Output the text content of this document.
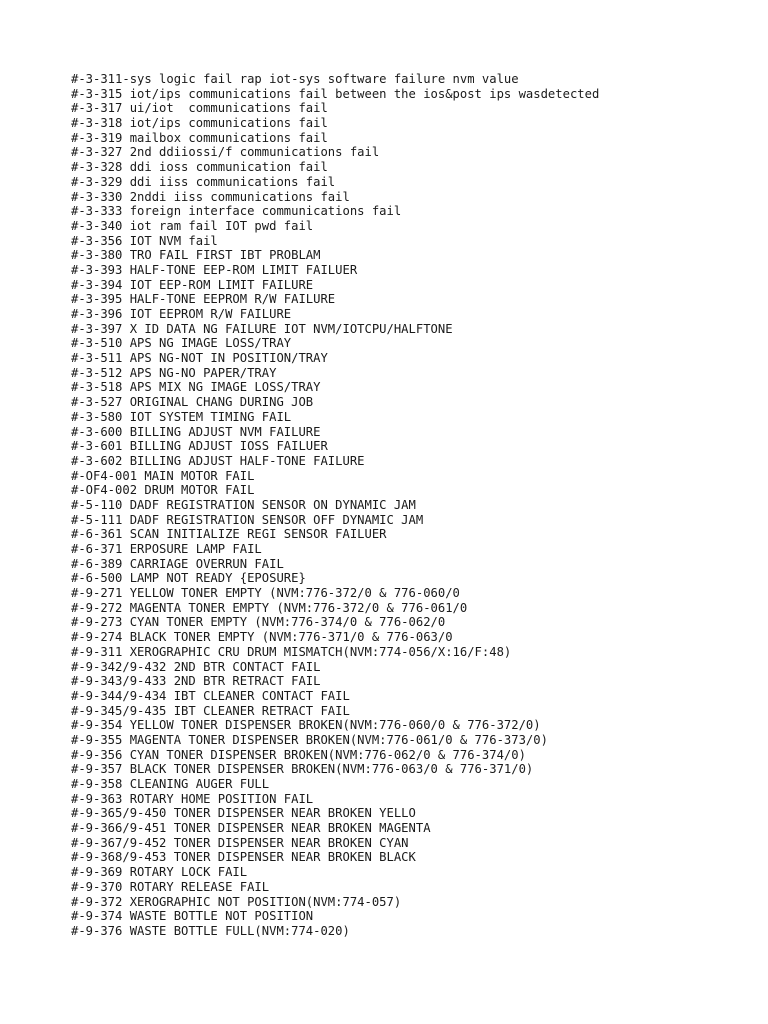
#-3-311-sys logic fail rap iot-sys software failure nvm value
#-3-315 iot/ips communications fail between the ios&post ips wasdetected
#-3-317 ui/iot  communications fail
#-3-318 iot/ips communications fail
#-3-319 mailbox communications fail
#-3-327 2nd ddiiossi/f communications fail
#-3-328 ddi ioss communication fail
#-3-329 ddi iiss communications fail
#-3-330 2nddi iiss communications fail
#-3-333 foreign interface communications fail
#-3-340 iot ram fail IOT pwd fail
#-3-356 IOT NVM fail
#-3-380 TRO FAIL FIRST IBT PROBLAM
#-3-393 HALF-TONE EEP-ROM LIMIT FAILUER
#-3-394 IOT EEP-ROM LIMIT FAILURE
#-3-395 HALF-TONE EEPROM R/W FAILURE
#-3-396 IOT EEPROM R/W FAILURE
#-3-397 X ID DATA NG FAILURE IOT NVM/IOTCPU/HALFTONE
#-3-510 APS NG IMAGE LOSS/TRAY
#-3-511 APS NG-NOT IN POSITION/TRAY
#-3-512 APS NG-NO PAPER/TRAY
#-3-518 APS MIX NG IMAGE LOSS/TRAY
#-3-527 ORIGINAL CHANG DURING JOB
#-3-580 IOT SYSTEM TIMING FAIL
#-3-600 BILLING ADJUST NVM FAILURE
#-3-601 BILLING ADJUST IOSS FAILUER
#-3-602 BILLING ADJUST HALF-TONE FAILURE
#-OF4-001 MAIN MOTOR FAIL
#-OF4-002 DRUM MOTOR FAIL
#-5-110 DADF REGISTRATION SENSOR ON DYNAMIC JAM
#-5-111 DADF REGISTRATION SENSOR OFF DYNAMIC JAM
#-6-361 SCAN INITIALIZE REGI SENSOR FAILUER
#-6-371 ERPOSURE LAMP FAIL
#-6-389 CARRIAGE OVERRUN FAIL
#-6-500 LAMP NOT READY {EPOSURE}
#-9-271 YELLOW TONER EMPTY (NVM:776-372/0 & 776-060/0
#-9-272 MAGENTA TONER EMPTY (NVM:776-372/0 & 776-061/0
#-9-273 CYAN TONER EMPTY (NVM:776-374/0 & 776-062/0
#-9-274 BLACK TONER EMPTY (NVM:776-371/0 & 776-063/0
#-9-311 XEROGRAPHIC CRU DRUM MISMATCH(NVM:774-056/X:16/F:48)
#-9-342/9-432 2ND BTR CONTACT FAIL
#-9-343/9-433 2ND BTR RETRACT FAIL
#-9-344/9-434 IBT CLEANER CONTACT FAIL
#-9-345/9-435 IBT CLEANER RETRACT FAIL
#-9-354 YELLOW TONER DISPENSER BROKEN(NVM:776-060/0 & 776-372/0)
#-9-355 MAGENTA TONER DISPENSER BROKEN(NVM:776-061/0 & 776-373/0)
#-9-356 CYAN TONER DISPENSER BROKEN(NVM:776-062/0 & 776-374/0)
#-9-357 BLACK TONER DISPENSER BROKEN(NVM:776-063/0 & 776-371/0)
#-9-358 CLEANING AUGER FULL
#-9-363 ROTARY HOME POSITION FAIL
#-9-365/9-450 TONER DISPENSER NEAR BROKEN YELLO
#-9-366/9-451 TONER DISPENSER NEAR BROKEN MAGENTA
#-9-367/9-452 TONER DISPENSER NEAR BROKEN CYAN
#-9-368/9-453 TONER DISPENSER NEAR BROKEN BLACK
#-9-369 ROTARY LOCK FAIL
#-9-370 ROTARY RELEASE FAIL
#-9-372 XEROGRAPHIC NOT POSITION(NVM:774-057)
#-9-374 WASTE BOTTLE NOT POSITION
#-9-376 WASTE BOTTLE FULL(NVM:774-020)
